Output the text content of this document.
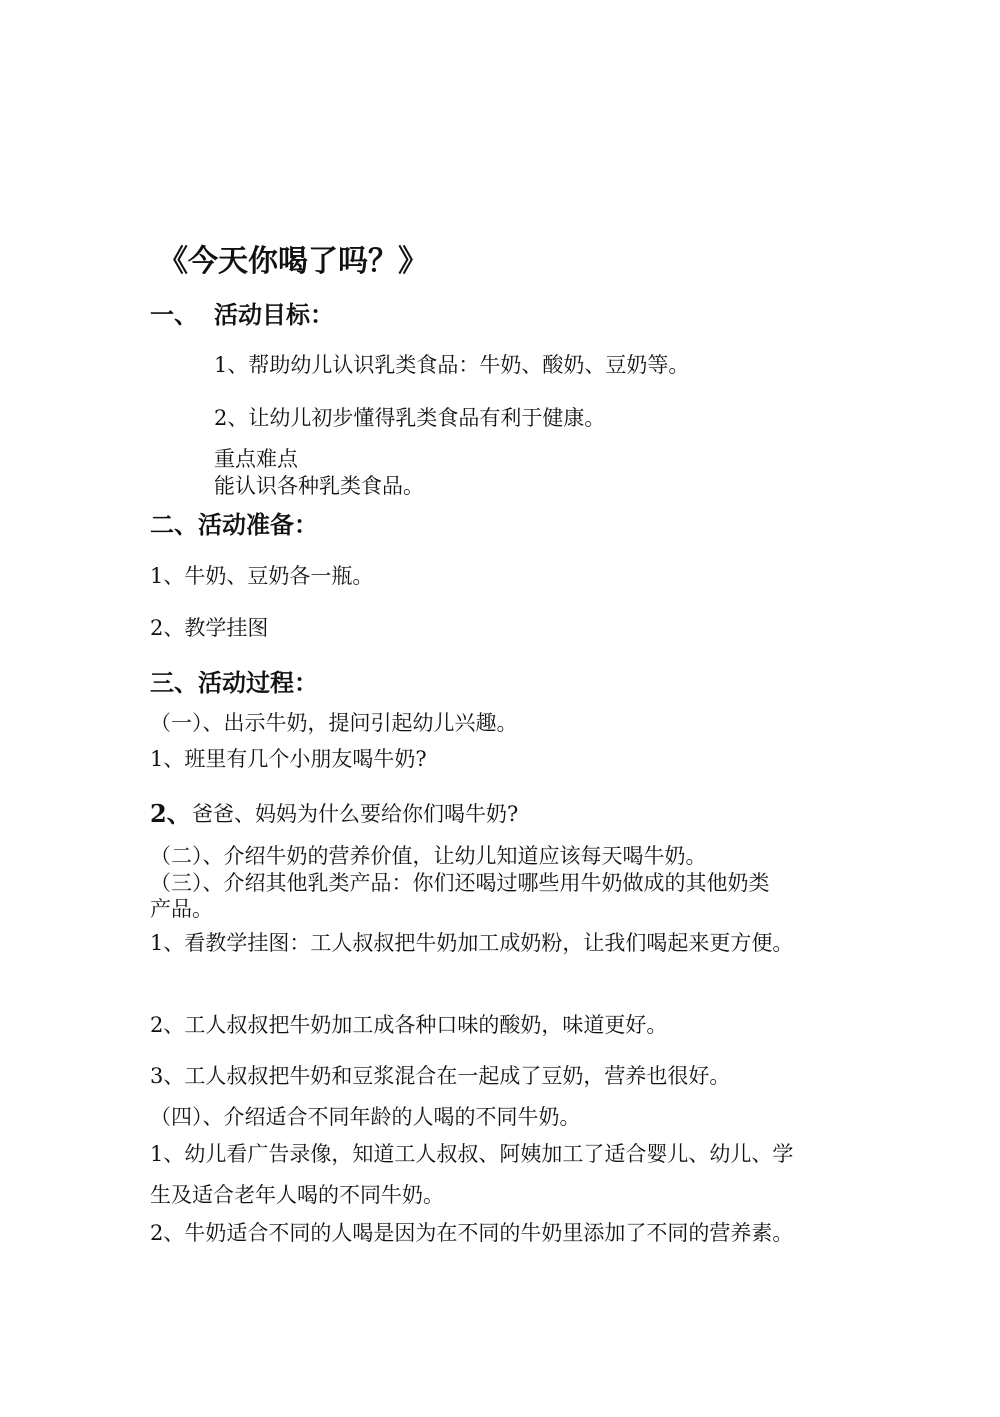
《今天你喝了吗？》
一、 活动目标：
1、帮助幼儿认识乳类食品：牛奶、酸奶、豆奶等。
2、让幼儿初步懂得乳类食品有利于健康。
重点难点
能认识各种乳类食品。
二、活动准备：
1、牛奶、豆奶各一瓶。
2、教学挂图
三、活动过程：
（一）、出示牛奶，提问引起幼儿兴趣。
1、班里有几个小朋友喝牛奶?
2、 爸爸、妈妈为什么要给你们喝牛奶?
（二）、介绍牛奶的营养价值，让幼儿知道应该每天喝牛奶。
（三）、介绍其他乳类产品：你们还喝过哪些用牛奶做成的其他奶类
产品。
1、看教学挂图：工人叔叔把牛奶加工成奶粉，让我们喝起来更方便。
2、工人叔叔把牛奶加工成各种口味的酸奶，味道更好。
3、工人叔叔把牛奶和豆浆混合在一起成了豆奶，营养也很好。
（四）、介绍适合不同年龄的人喝的不同牛奶。
1、幼儿看广告录像，知道工人叔叔、阿姨加工了适合婴儿、幼儿、学
生及适合老年人喝的不同牛奶。
2、牛奶适合不同的人喝是因为在不同的牛奶里添加了不同的营养素。
